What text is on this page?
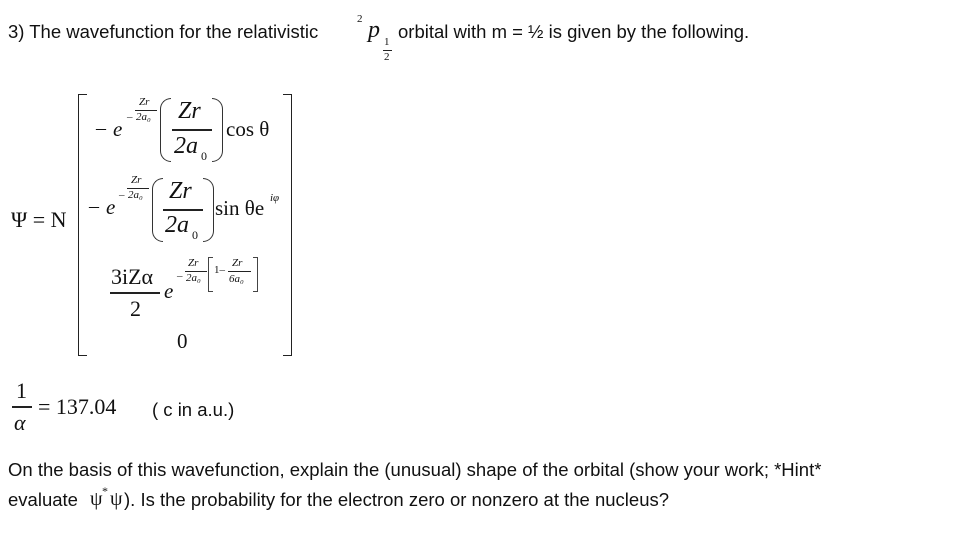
3) The wavefunction for the relativistic
2 p 1
2
orbital with m = ½ is given by the following.
Ψ = N
– e –
Zr
2a₀ Zr
2a 0
cos θ
– e –
Zr
2a₀ Zr
2a 0
sin θe iφ
3iZα
2
e
–
Zr
2a₀
1–
Zr
6a₀
0
1
α
= 137.04 ( c in a.u.)
On the basis of this wavefunction, explain the (unusual) shape of the orbital (show your work; *Hint*
evaluate ψ * ψ ). Is the probability for the electron zero or nonzero at the nucleus?
